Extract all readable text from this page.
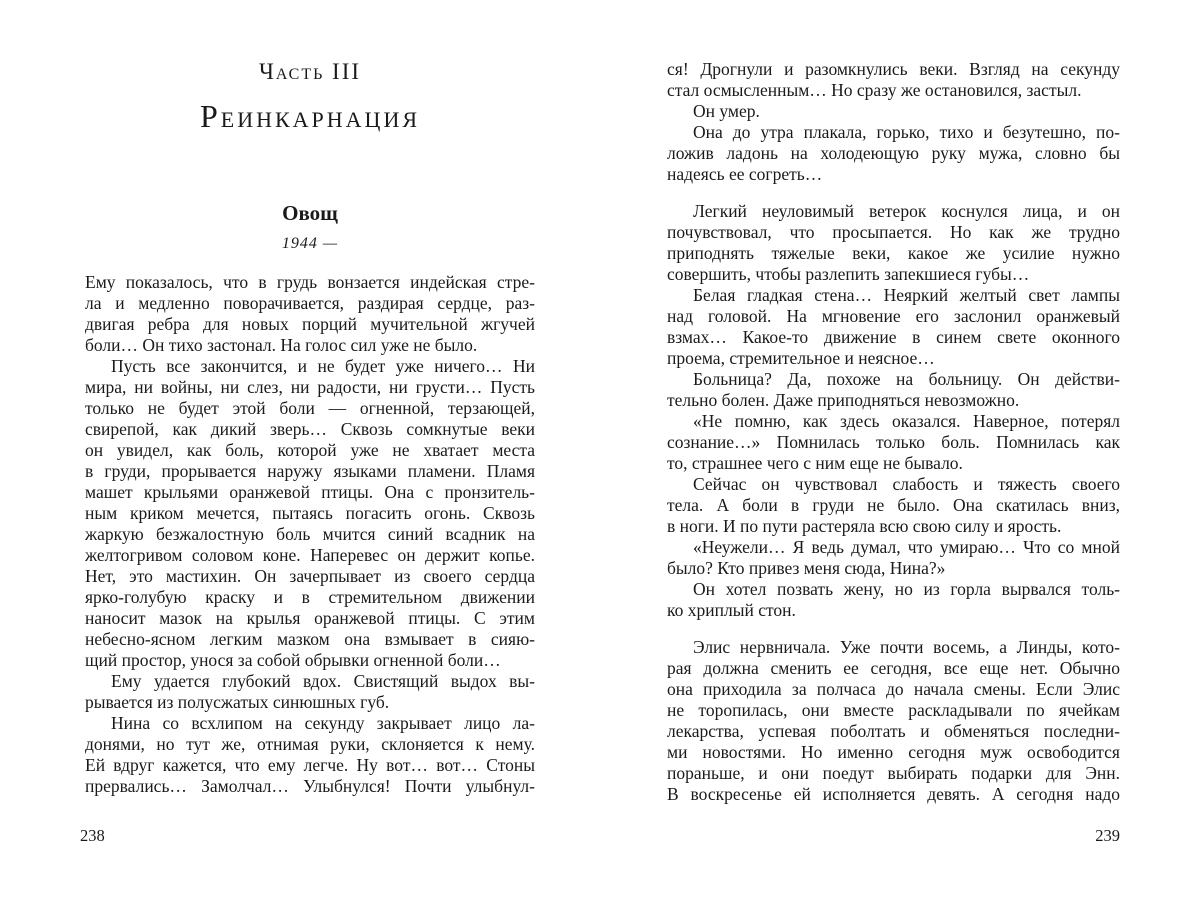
Часть III
Реинкарнация
Овощ
1944 —
Ему показалось, что в грудь вонзается индейская стре-
ла и медленно поворачивается, раздирая сердце, раз-
двигая ребра для новых порций мучительной жгучей
боли… Он тихо застонал. На голос сил уже не было.
Пусть все закончится, и не будет уже ничего… Ни
мира, ни войны, ни слез, ни радости, ни грусти… Пусть
только не будет этой боли — огненной, терзающей,
свирепой, как дикий зверь… Сквозь сомкнутые веки
он увидел, как боль, которой уже не хватает места
в груди, прорывается наружу языками пламени. Пламя
машет крыльями оранжевой птицы. Она с пронзитель-
ным криком мечется, пытаясь погасить огонь. Сквозь
жаркую безжалостную боль мчится синий всадник на
желтогривом соловом коне. Наперевес он держит копье.
Нет, это мастихин. Он зачерпывает из своего сердца
ярко-голубую краску и в стремительном движении
наносит мазок на крылья оранжевой птицы. С этим
небесно-ясном легким мазком она взмывает в сияю-
щий простор, унося за собой обрывки огненной боли…
Ему удается глубокий вдох. Свистящий выдох вы-
рывается из полусжатых синюшных губ.
Нина со всхлипом на секунду закрывает лицо ла-
донями, но тут же, отнимая руки, склоняется к нему.
Ей вдруг кажется, что ему легче. Ну вот… вот… Стоны
прервались… Замолчал… Улыбнулся! Почти улыбнул-
238
ся! Дрогнули и разомкнулись веки. Взгляд на секунду
стал осмысленным… Но сразу же остановился, застыл.
Он умер.
Она до утра плакала, горько, тихо и безутешно, по-
ложив ладонь на холодеющую руку мужа, словно бы
надеясь ее согреть…
Легкий неуловимый ветерок коснулся лица, и он
почувствовал, что просыпается. Но как же трудно
приподнять тяжелые веки, какое же усилие нужно
совершить, чтобы разлепить запекшиеся губы…
Белая гладкая стена… Неяркий желтый свет лампы
над головой. На мгновение его заслонил оранжевый
взмах… Какое-то движение в синем свете оконного
проема, стремительное и неясное…
Больница? Да, похоже на больницу. Он действи-
тельно болен. Даже приподняться невозможно.
«Не помню, как здесь оказался. Наверное, потерял
сознание…» Помнилась только боль. Помнилась как
то, страшнее чего с ним еще не бывало.
Сейчас он чувствовал слабость и тяжесть своего
тела. А боли в груди не было. Она скатилась вниз,
в ноги. И по пути растеряла всю свою силу и ярость.
«Неужели… Я ведь думал, что умираю… Что со мной
было? Кто привез меня сюда, Нина?»
Он хотел позвать жену, но из горла вырвался толь-
ко хриплый стон.
Элис нервничала. Уже почти восемь, а Линды, кото-
рая должна сменить ее сегодня, все еще нет. Обычно
она приходила за полчаса до начала смены. Если Элис
не торопилась, они вместе раскладывали по ячейкам
лекарства, успевая поболтать и обменяться последни-
ми новостями. Но именно сегодня муж освободится
пораньше, и они поедут выбирать подарки для Энн.
В воскресенье ей исполняется девять. А сегодня надо
239
